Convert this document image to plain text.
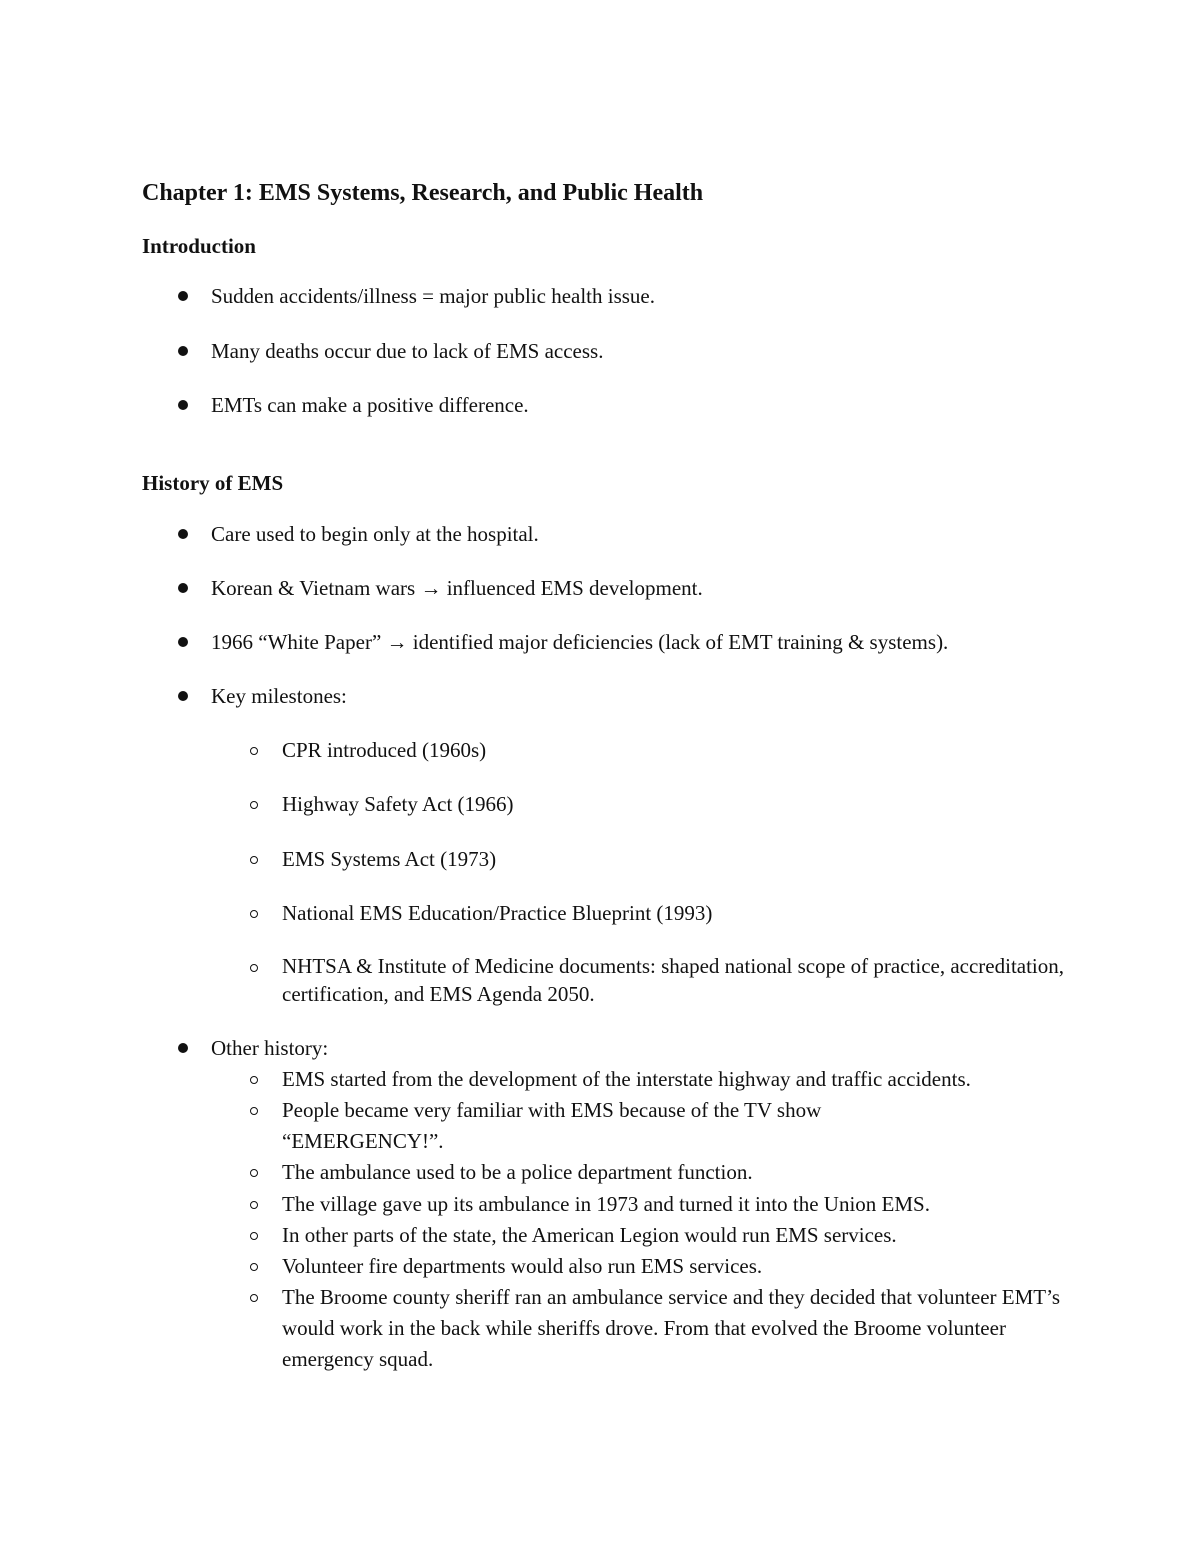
Chapter 1: EMS Systems, Research, and Public Health
Introduction
Sudden accidents/illness = major public health issue.
Many deaths occur due to lack of EMS access.
EMTs can make a positive difference.
History of EMS
Care used to begin only at the hospital.
Korean & Vietnam wars → influenced EMS development.
1966 “White Paper” → identified major deficiencies (lack of EMT training & systems).
Key milestones:
CPR introduced (1960s)
Highway Safety Act (1966)
EMS Systems Act (1973)
National EMS Education/Practice Blueprint (1993)
NHTSA & Institute of Medicine documents: shaped national scope of practice, accreditation, certification, and EMS Agenda 2050.
Other history:
EMS started from the development of the interstate highway and traffic accidents.
People became very familiar with EMS because of the TV show “EMERGENCY!”.
The ambulance used to be a police department function.
The village gave up its ambulance in 1973 and turned it into the Union EMS.
In other parts of the state, the American Legion would run EMS services.
Volunteer fire departments would also run EMS services.
The Broome county sheriff ran an ambulance service and they decided that volunteer EMT’s would work in the back while sheriffs drove. From that evolved the Broome volunteer emergency squad.
